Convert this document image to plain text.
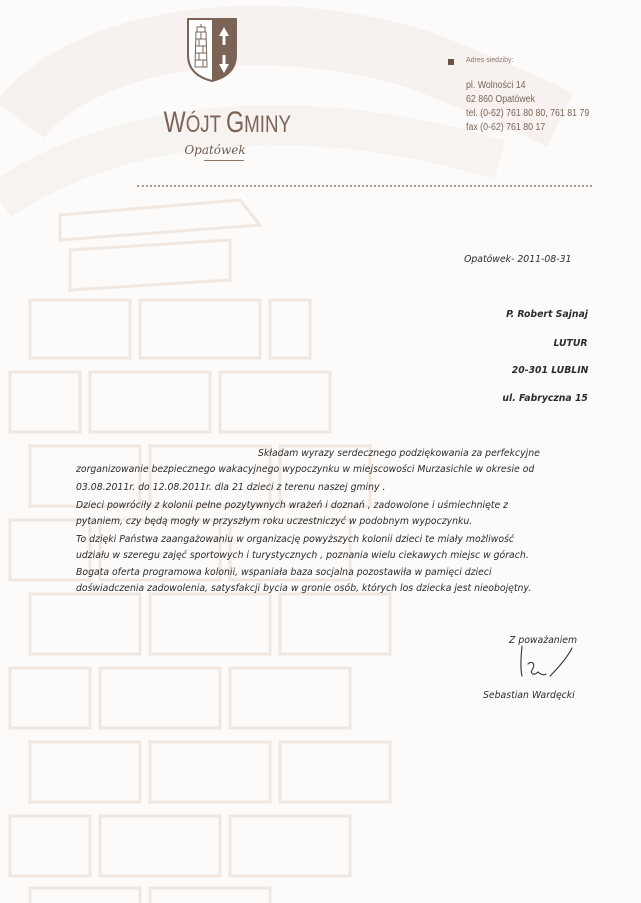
WÓJT GMINY
Opatówek
Adres siedziby:
pl. Wolności 14
62 860 Opatówek
tel. (0-62) 761 80 80, 761 81 79
fax (0-62) 761 80 17
Opatówek- 2011-08-31
P. Robert Sajnaj
LUTUR
20-301 LUBLIN
ul. Fabryczna 15
Składam wyrazy serdecznego podziękowania za perfekcyjne
zorganizowanie bezpiecznego wakacyjnego wypoczynku w miejscowości Murzasichle w okresie od
03.08.2011r. do 12.08.2011r. dla 21 dzieci z terenu naszej gminy .
Dzieci powróciły z kolonii pełne pozytywnych wrażeń i doznań , zadowolone i uśmiechnięte z
pytaniem, czy będą mogły w przyszłym roku uczestniczyć w podobnym wypoczynku.
To dzięki Państwa zaangażowaniu w organizację powyższych kolonii dzieci te miały możliwość
udziału w szeregu zajęć sportowych i turystycznych , poznania wielu ciekawych miejsc w górach.
Bogata oferta programowa kolonii, wspaniała baza socjalna pozostawiła w pamięci dzieci
doświadczenia zadowolenia, satysfakcji bycia w gronie osób, których los dziecka jest nieobojętny.
Z poważaniem
Sebastian Wardęcki
